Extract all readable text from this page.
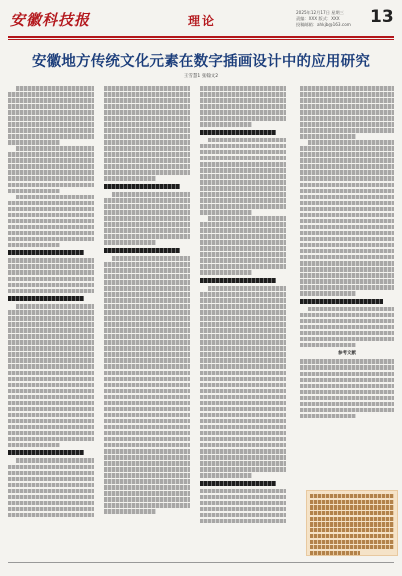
安徽科技报	理论
2025年12月17日 星期三
责编：XXX 版式：XXX
投稿邮箱：ahkjb@163.com 13
安徽地方传统文化元素在数字插画设计中的应用研究
王雪慧1 张翰文2
参考文献
